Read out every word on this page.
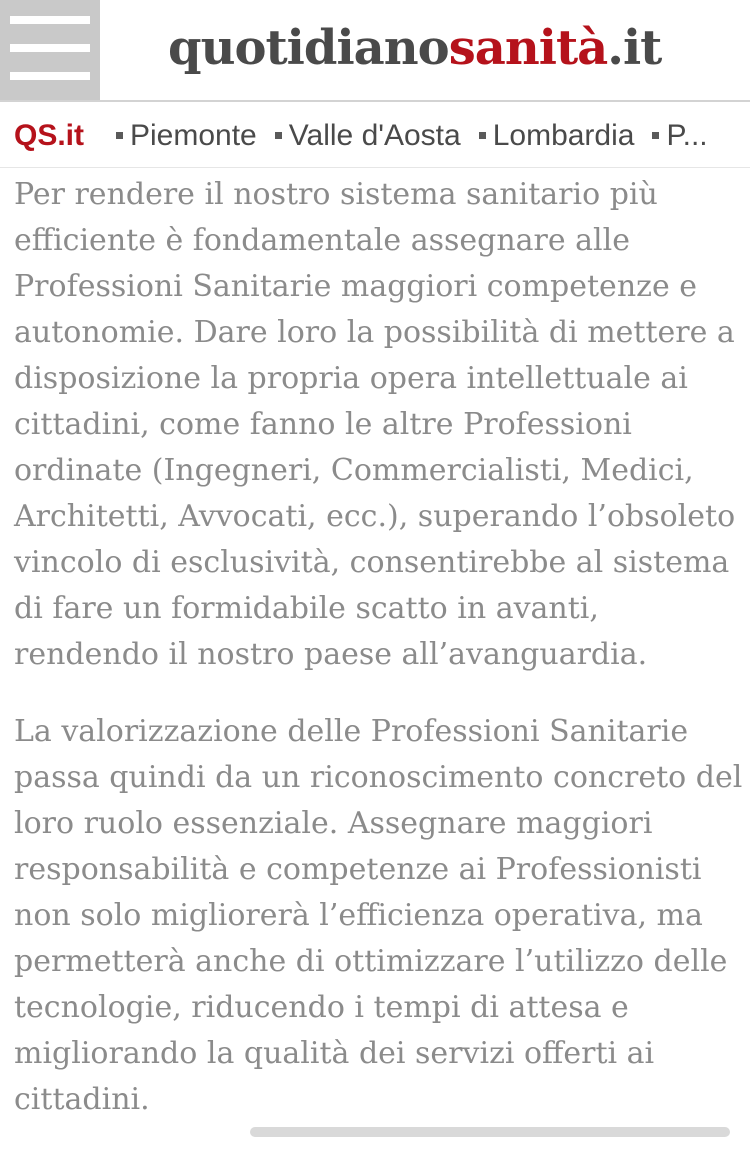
quotidianosanità.it
QS.it	Piemonte Valle d'Aosta Lombardia P...

Per rendere il nostro sistema sanitario più efficiente è fondamentale assegnare alle Professioni Sanitarie maggiori competenze e autonomie. Dare loro la possibilità di mettere a disposizione la propria opera intellettuale ai cittadini, come fanno le altre Professioni ordinate (Ingegneri, Commercialisti, Medici, Architetti, Avvocati, ecc.), superando l’obsoleto vincolo di esclusività, consentirebbe al sistema di fare un formidabile scatto in avanti, rendendo il nostro paese all’avanguardia.

La valorizzazione delle Professioni Sanitarie passa quindi da un riconoscimento concreto del loro ruolo essenziale. Assegnare maggiori responsabilità e competenze ai Professionisti non solo migliorerà l’efficienza operativa, ma permetterà anche di ottimizzare l’utilizzo delle tecnologie, riducendo i tempi di attesa e migliorando la qualità dei servizi offerti ai cittadini.
